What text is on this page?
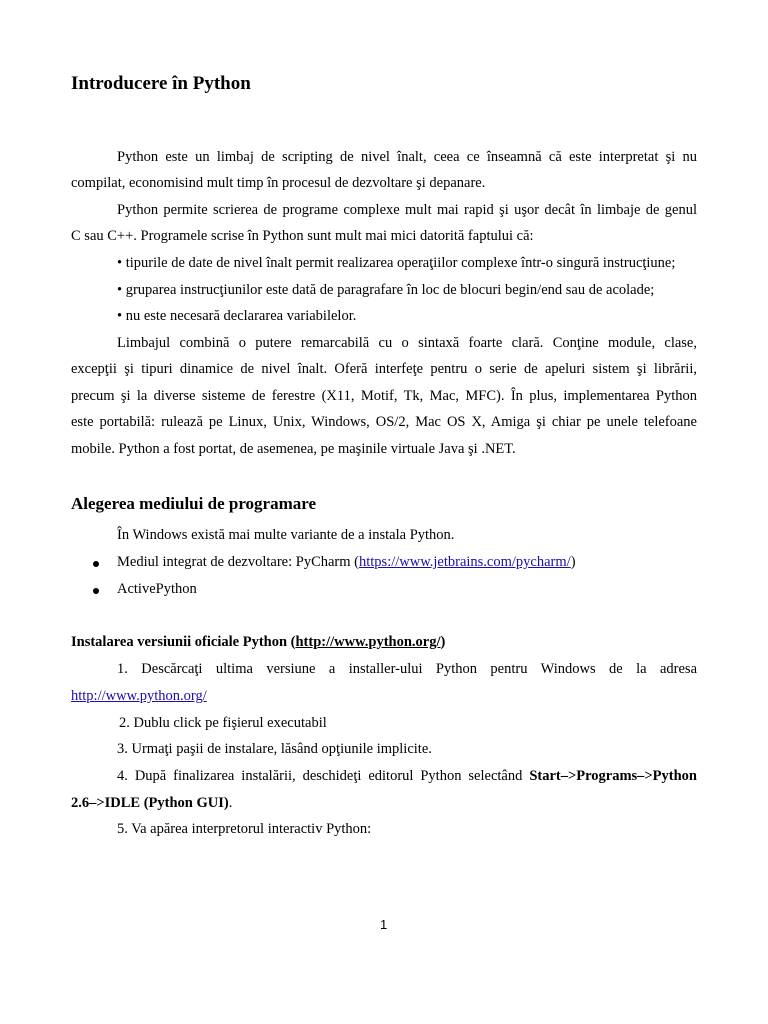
Introducere în Python
Python este un limbaj de scripting de nivel înalt, ceea ce înseamnă că este interpretat şi nu
compilat, economisind mult timp în procesul de dezvoltare şi depanare.
Python permite scrierea de programe complexe mult mai rapid şi uşor decât în limbaje de genul
C sau C++. Programele scrise în Python sunt mult mai mici datorită faptului că:
• tipurile de date de nivel înalt permit realizarea operaţiilor complexe într-o singură instrucţiune;
• gruparea instrucţiunilor este dată de paragrafare în loc de blocuri begin/end sau de acolade;
• nu este necesară declararea variabilelor.
Limbajul combină o putere remarcabilă cu o sintaxă foarte clară. Conţine module, clase,
excepţii şi tipuri dinamice de nivel înalt. Oferă interfeţe pentru o serie de apeluri sistem şi librării,
precum şi la diverse sisteme de ferestre (X11, Motif, Tk, Mac, MFC). În plus, implementarea Python
este portabilă: rulează pe Linux, Unix, Windows, OS/2, Mac OS X, Amiga şi chiar pe unele telefoane
mobile. Python a fost portat, de asemenea, pe maşinile virtuale Java şi .NET.
Alegerea mediului de programare
În Windows există mai multe variante de a instala Python.
Mediul integrat de dezvoltare: PyCharm (https://www.jetbrains.com/pycharm/)
ActivePython
Instalarea versiunii oficiale Python (http://www.python.org/)
1. Descărcaţi ultima versiune a installer-ului Python pentru Windows de la adresa
http://www.python.org/
2. Dublu click pe fişierul executabil
3. Urmaţi paşii de instalare, lăsând opţiunile implicite.
4. După finalizarea instalării, deschideţi editorul Python selectând Start–>Programs–>Python
2.6–>IDLE (Python GUI).
5. Va apărea interpretorul interactiv Python:
1
